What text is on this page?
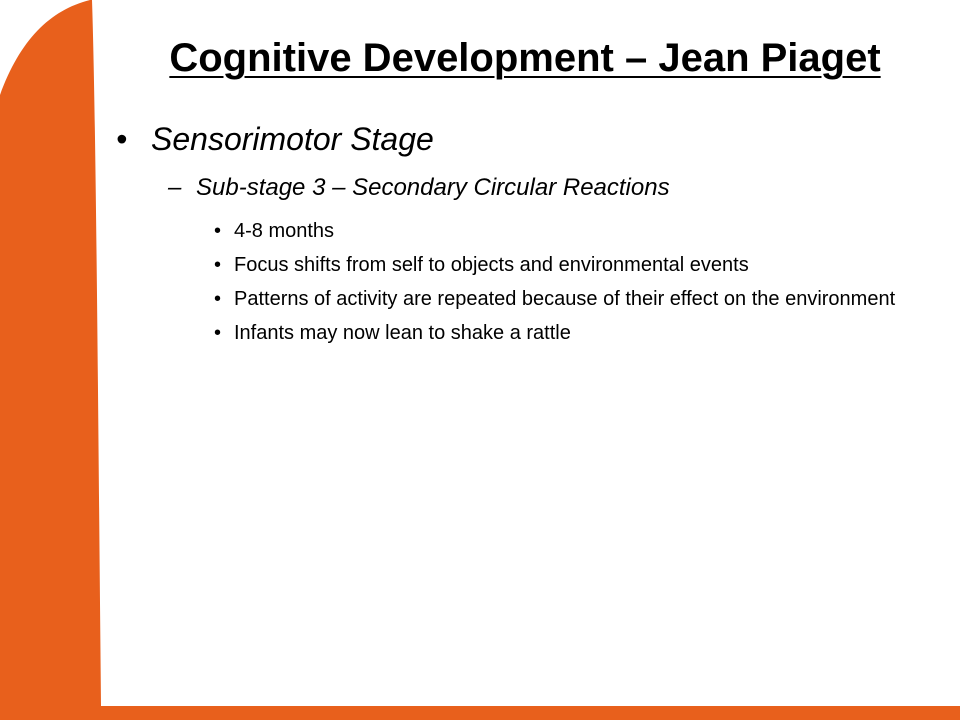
Cognitive Development – Jean Piaget
• Sensorimotor Stage
– Sub-stage 3 – Secondary Circular Reactions
• 4-8 months
• Focus shifts from self to objects and environmental events
• Patterns of activity are repeated because of their effect on the environment
• Infants may now lean to shake a rattle
